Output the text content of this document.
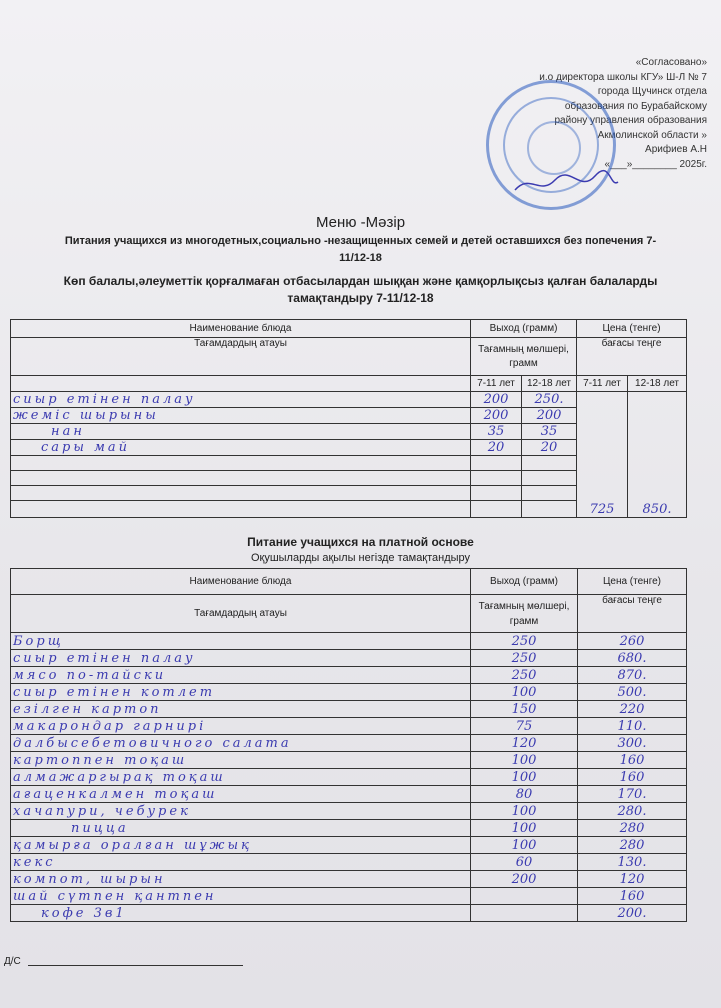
«Согласовано»
и.о директора школы КГУ» Ш-Л № 7
города Щучинск отдела
образования по Бурабайскому
району управления образования
Акмолинской области »
Арифиев А.Н
«___»________ 2025г.
Меню -Мәзір
Питания учащихся из многодетных,социально -незащищенных семей и детей оставшихся без попечения 7-11/12-18
Көп балалы,әлеуметтік қорғалмаған отбасылардан шыққан және қамқорлықсыз қалған балаларды тамақтандыру 7-11/12-18
Наименование блюда	Выход (грамм)		Цена (тенге)	
Тағамдардың атауы	Тағамның мөлшері, грамм		бағасы теңге	
	7-11 лет	12-18 лет	7-11 лет	12-18 лет
сиыр етінен палау	200	250.	725	850.
жеміс шырыны	200	200		
нан	35	35		
сары май	20	20		

Питание учащихся на платной основе
Оқушыларды ақылы негізде тамақтандыру
Наименование блюда	Выход (грамм)	Цена (тенге)
Тағамдардың атауы	Тағамның мөлшері, грамм	бағасы теңге
Борщ	250	260
сиыр етінен палау	250	680.
мясо по-тайски	250	870.
сиыр етінен котлет	100	500.
езілген картоп	150	220
макарондар гарнирі	75	110.
далбысебетовичного салата	120	300.
картоппен тоқаш	100	160
алмажаргырақ тоқаш	100	160
ағаценкалмен тоқаш	80	170.
хачапури, чебурек	100	280.
пицца	100	280
қамырға оралған шұжық	100	280
кекс	60	130.
компот, шырын	200	120
шай сүтпен қантпен		160
кофе 3в1		200.
Д/С
